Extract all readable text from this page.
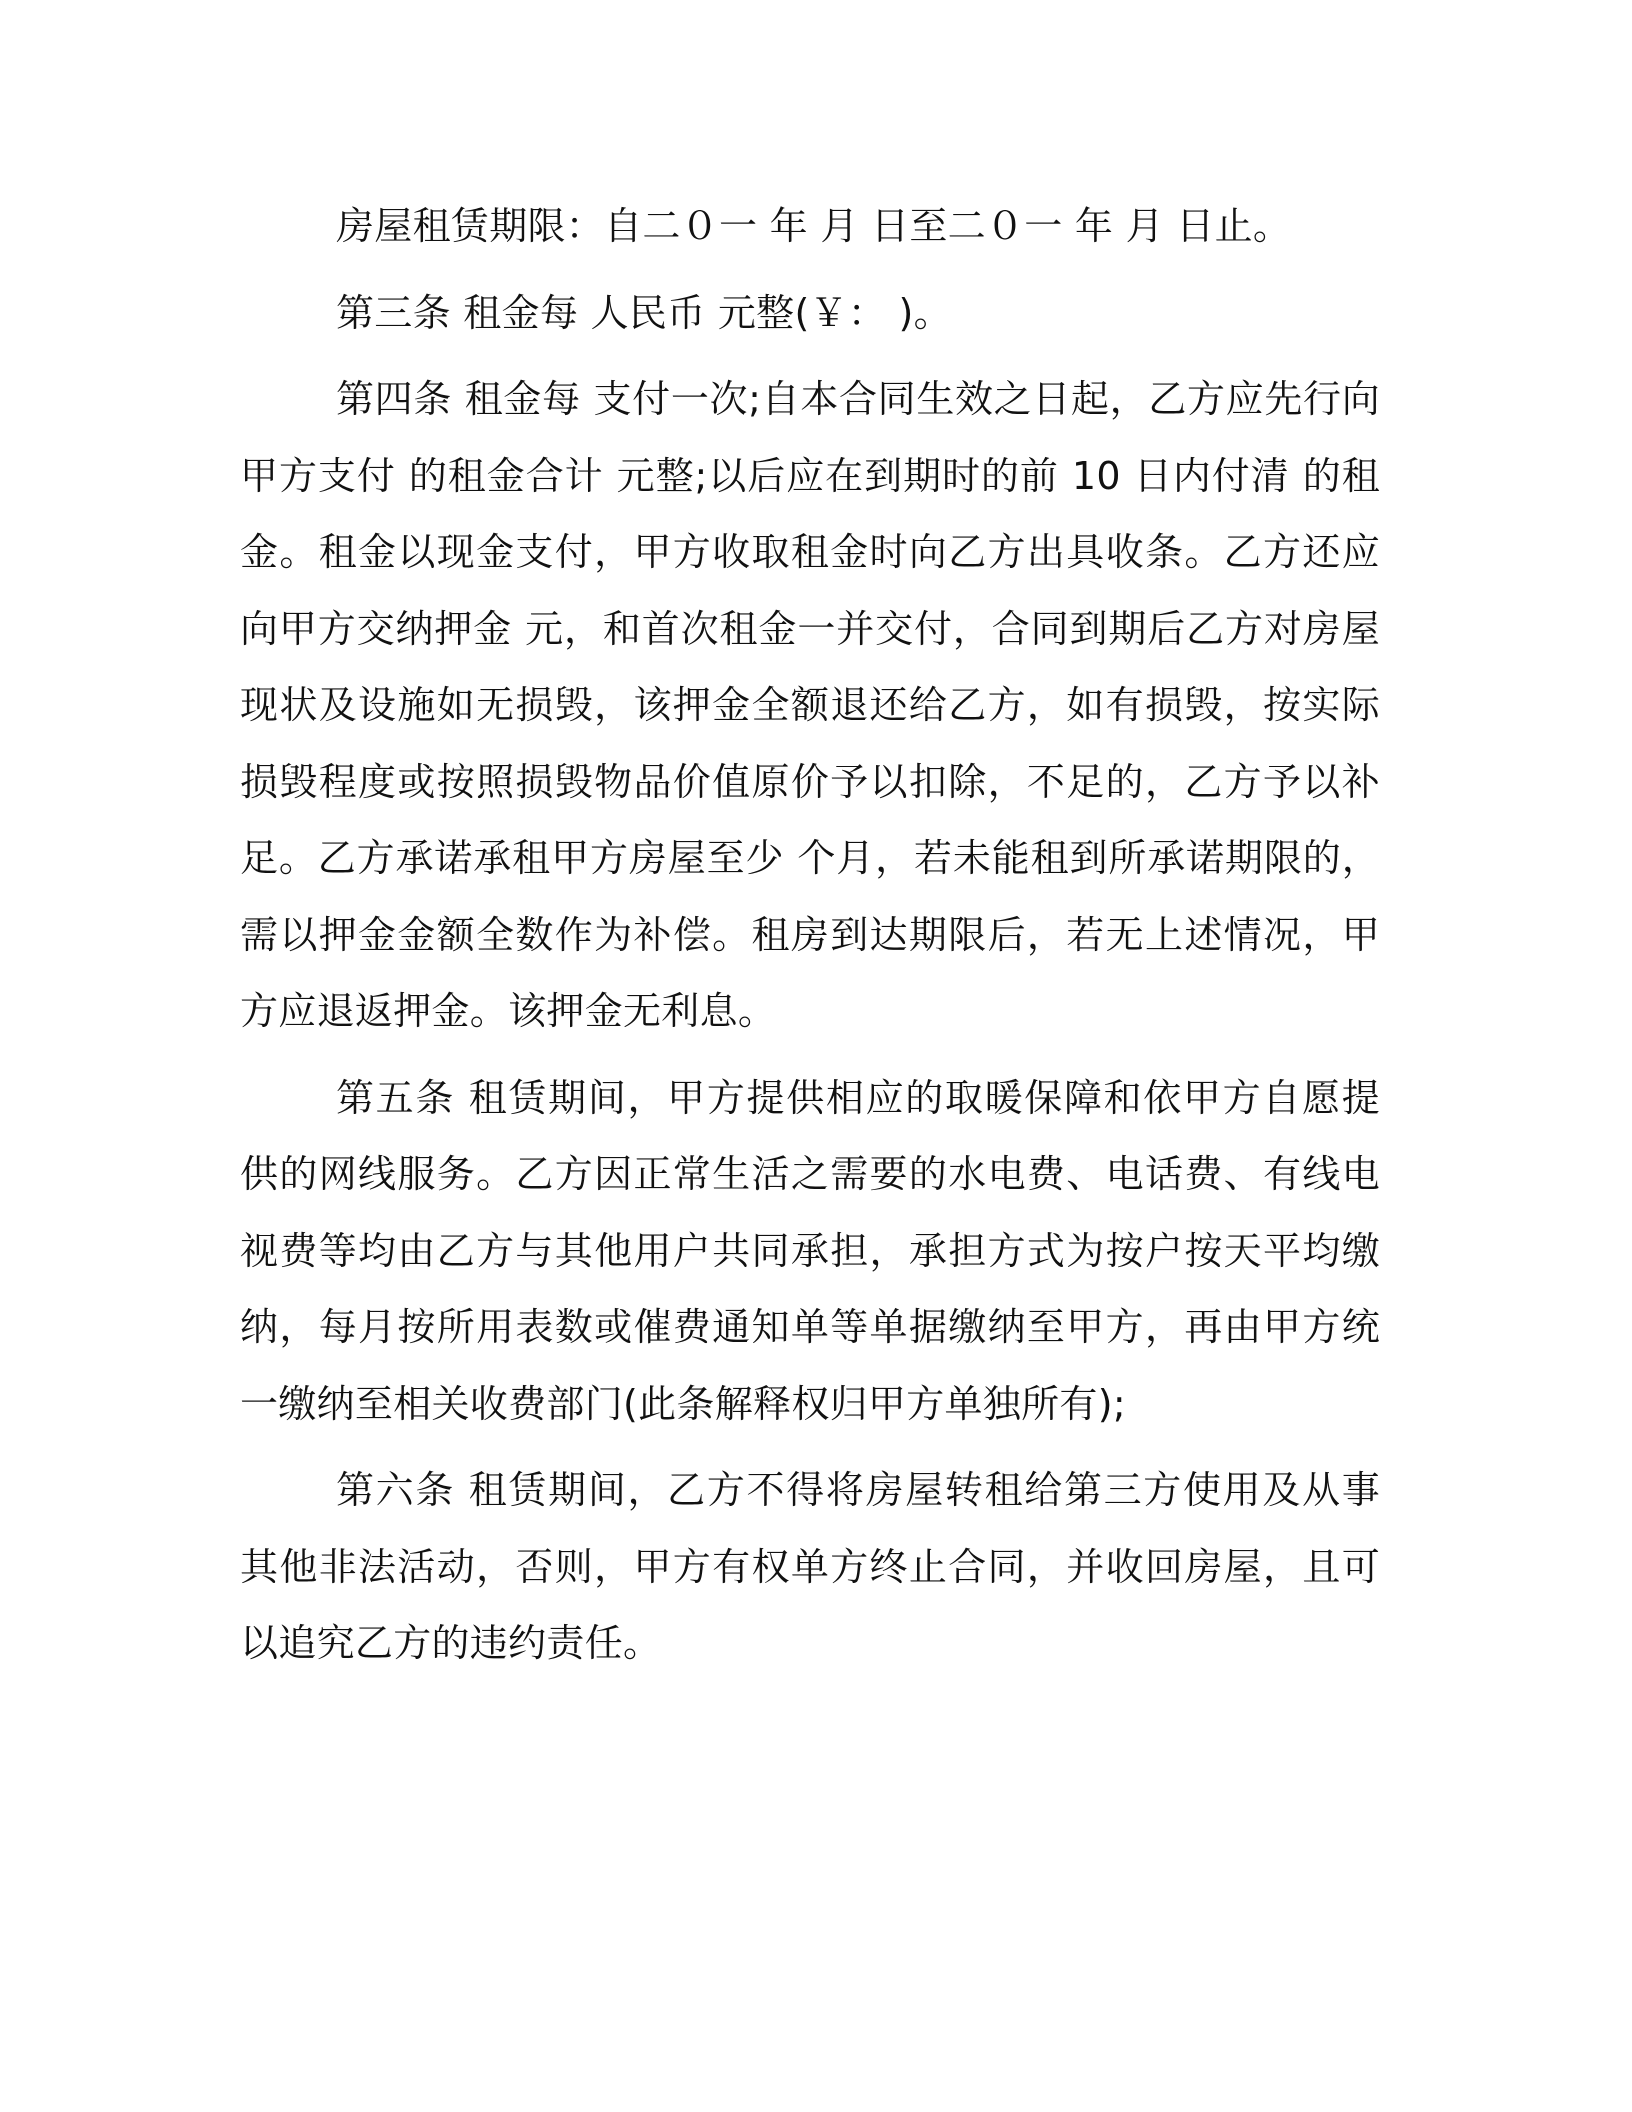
房屋租赁期限：自二０一 年 月 日至二０一 年 月 日止。

第三条 租金每 人民币 元整(￥： )。

第四条 租金每 支付一次;自本合同生效之日起，乙方应先行向甲方支付 的租金合计 元整;以后应在到期时的前 10 日内付清 的租金。租金以现金支付，甲方收取租金时向乙方出具收条。乙方还应向甲方交纳押金 元，和首次租金一并交付，合同到期后乙方对房屋现状及设施如无损毁，该押金全额退还给乙方，如有损毁，按实际损毁程度或按照损毁物品价值原价予以扣除，不足的，乙方予以补足。乙方承诺承租甲方房屋至少 个月，若未能租到所承诺期限的，需以押金金额全数作为补偿。租房到达期限后，若无上述情况，甲方应退返押金。该押金无利息。

第五条 租赁期间，甲方提供相应的取暖保障和依甲方自愿提供的网线服务。乙方因正常生活之需要的水电费、电话费、有线电视费等均由乙方与其他用户共同承担，承担方式为按户按天平均缴纳，每月按所用表数或催费通知单等单据缴纳至甲方，再由甲方统一缴纳至相关收费部门(此条解释权归甲方单独所有);

第六条 租赁期间，乙方不得将房屋转租给第三方使用及从事其他非法活动，否则，甲方有权单方终止合同，并收回房屋，且可以追究乙方的违约责任。
